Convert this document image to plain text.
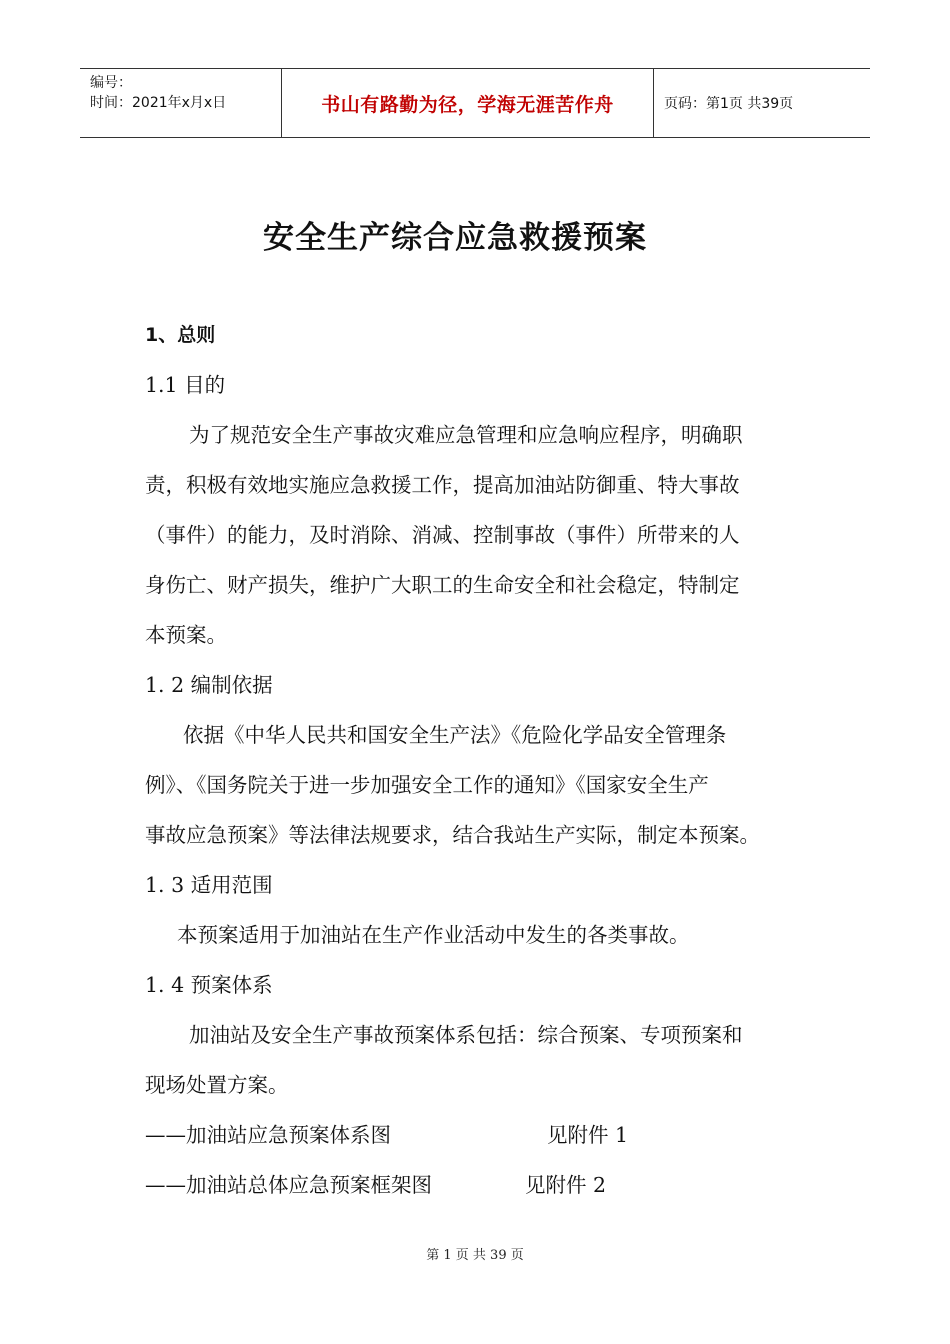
编号：
时间：2021年x月x日	书山有路勤为径，学海无涯苦作舟	页码：第1页 共39页
安全生产综合应急救援预案
1、总则
1.1 目的
为了规范安全生产事故灾难应急管理和应急响应程序，明确职
责，积极有效地实施应急救援工作，提高加油站防御重、特大事故
（事件）的能力，及时消除、消减、控制事故（事件）所带来的人
身伤亡、财产损失，维护广大职工的生命安全和社会稳定，特制定
本预案。
1. 2 编制依据
依据《中华人民共和国安全生产法》《危险化学品安全管理条
例》、《国务院关于进一步加强安全工作的通知》《国家安全生产
事故应急预案》等法律法规要求，结合我站生产实际，制定本预案。
1. 3 适用范围
本预案适用于加油站在生产作业活动中发生的各类事故。
1. 4 预案体系
加油站及安全生产事故预案体系包括：综合预案、专项预案和
现场处置方案。
——加油站应急预案体系图	见附件 1
——加油站总体应急预案框架图	见附件 2
第 1 页 共 39 页
